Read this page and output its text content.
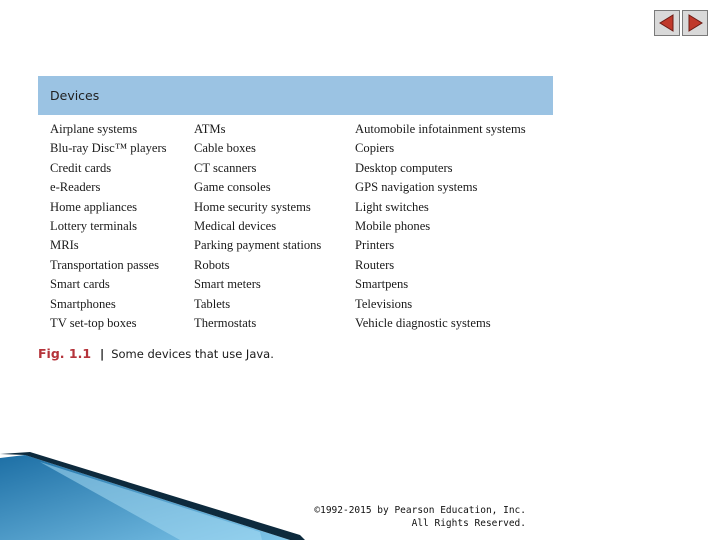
Devices
Airplane systems	ATMs	Automobile infotainment systems
Blu-ray Disc™ players	Cable boxes	Copiers
Credit cards	CT scanners	Desktop computers
e-Readers	Game consoles	GPS navigation systems
Home appliances	Home security systems	Light switches
Lottery terminals	Medical devices	Mobile phones
MRIs	Parking payment stations	Printers
Transportation passes	Robots	Routers
Smart cards	Smart meters	Smartpens
Smartphones	Tablets	Televisions
TV set-top boxes	Thermostats	Vehicle diagnostic systems
Fig. 1.1 | Some devices that use Java.
©1992-2015 by Pearson Education, Inc.
All Rights Reserved.
